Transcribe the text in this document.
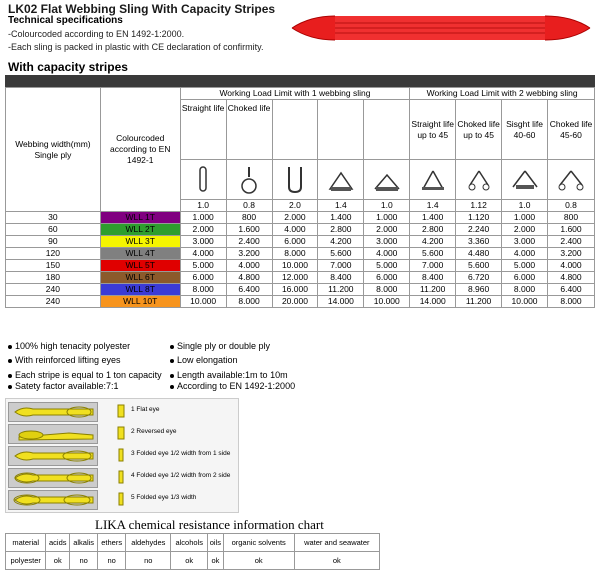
LK02 Flat Webbing Sling With Capacity Stripes
Technical specifications
-Colourcoded according to EN 1492-1:2000.
-Each sling is packed in plastic with CE declaration of confirmity.
With capacity stripes
Webbing width(mm) Single ply	Colourcoded according to EN 1492-1	Working Load Limit with 1 webbing sling					Working Load Limit with 2 webbing sling			
		Straight life	Choked life				Straight life up to 45	Choked life up to 45	Sisght life 40-60	Choked life 45-60

		1.0	0.8	2.0	1.4	1.0	1.4	1.12	1.0	0.8
30	WLL 1T	1.000	800	2.000	1.400	1.000	1.400	1.120	1.000	800
60	WLL 2T	2.000	1.600	4.000	2.800	2.000	2.800	2.240	2.000	1.600
90	WLL 3T	3.000	2.400	6.000	4.200	3.000	4.200	3.360	3.000	2.400
120	WLL 4T	4.000	3.200	8.000	5.600	4.000	5.600	4.480	4.000	3.200
150	WLL 5T	5.000	4.000	10.000	7.000	5.000	7.000	5.600	5.000	4.000
180	WLL 6T	6.000	4.800	12.000	8.400	6.000	8.400	6.720	6.000	4.800
240	WLL 8T	8.000	6.400	16.000	11.200	8.000	11.200	8.960	8.000	6.400
240	WLL 10T	10.000	8.000	20.000	14.000	10.000	14.000	11.200	10.000	8.000
100% high tenacity polyester	Single ply or double ply
With reinforced lifting eyes	Low elongation
Each stripe is equal to 1 ton capacity	Length available:1m to 10m
Satety factor available:7:1	According to EN 1492-1:2000
1 Flat eye
2 Reversed eye
3 Folded eye 1/2 width from 1 side
4 Folded eye 1/2 width from 2 side
5 Folded eye 1/3 width
LIKA chemical resistance information chart
material	acids	alkalis	ethers	aldehydes	alcohols	oils	organic solvents	water and seawater
polyester	ok	no	no	no	ok	ok	ok	ok
